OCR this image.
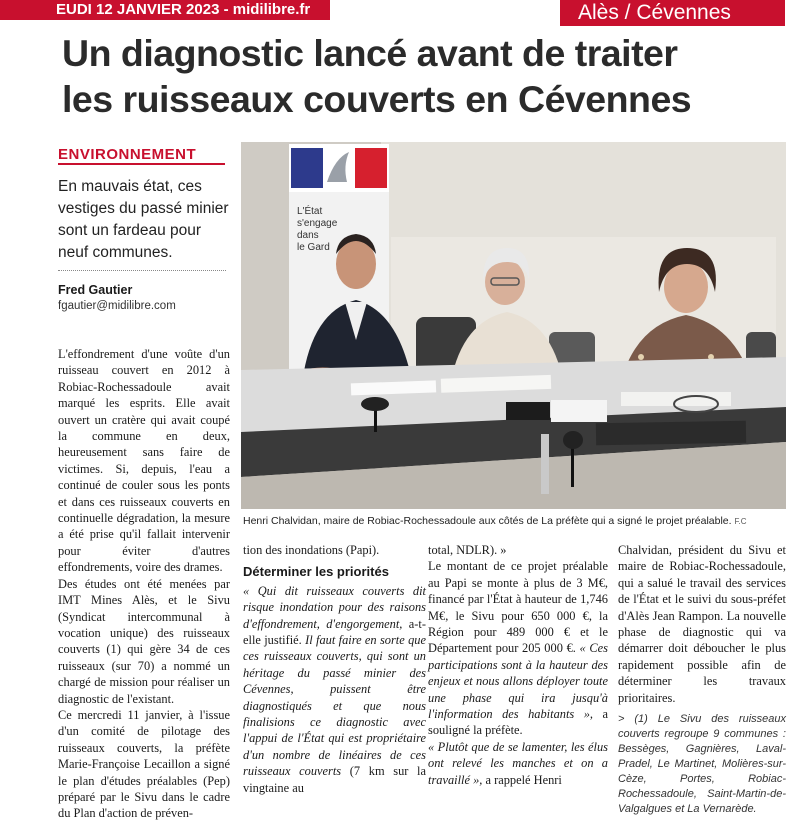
EUDI 12 JANVIER 2023 - midilibre.fr	Alès / Cévennes
Un diagnostic lancé avant de traiter
les ruisseaux couverts en Cévennes
ENVIRONNEMENT
En mauvais état, ces vestiges du passé minier sont un fardeau pour neuf communes.
Fred Gautier
fgautier@midilibre.com

L'effondrement d'une voûte d'un ruisseau couvert en 2012 à Robiac-Rochessadoule avait marqué les esprits. Elle avait ouvert un cratère qui avait coupé la commune en deux, heureusement sans faire de victimes. Si, depuis, l'eau a continué de couler sous les ponts et dans ces ruisseaux couverts en continuelle dégradation, la mesure a été prise qu'il fallait intervenir pour éviter d'autres effondrements, voire des drames.

Des études ont été menées par IMT Mines Alès, et le Sivu (Syndicat intercommunal à vocation unique) des ruisseaux couverts (1) qui gère 34 de ces ruisseaux (sur 70) a nommé un chargé de mission pour réaliser un diagnostic de l'existant.

Ce mercredi 11 janvier, à l'issue d'un comité de pilotage des ruisseaux couverts, la préfète Marie-Françoise Lecaillon a signé le plan d'études préalables (Pep) préparé par le Sivu dans le cadre du Plan d'action de préven-

L'État
s'engage
dans
le Gard
Henri Chalvidan, maire de Robiac-Rochessadoule aux côtés de La préfète qui a signé le projet préalable. F.C

tion des inondations (Papi).

Déterminer les priorités

« Qui dit ruisseaux couverts dit risque inondation pour des raisons d'effondrement, d'engorgement, a-t-elle justifié. Il faut faire en sorte que ces ruisseaux couverts, qui sont un héritage du passé minier des Cévennes, puissent être diagnostiqués et que nous finalisions ce diagnostic avec l'appui de l'État qui est propriétaire d'un nombre de linéaires de ces ruisseaux couverts (7 km sur la vingtaine au

total, NDLR). »

Le montant de ce projet préalable au Papi se monte à plus de 3 M€, financé par l'État à hauteur de 1,746 M€, le Sivu pour 650 000 €, la Région pour 489 000 € et le Département pour 205 000 €. « Ces participations sont à la hauteur des enjeux et nous allons déployer toute une phase qui ira jusqu'à l'information des habitants », a souligné la préfète.

« Plutôt que de se lamenter, les élus ont relevé les manches et on a travaillé », a rappelé Henri

Chalvidan, président du Sivu et maire de Robiac-Rochessadoule, qui a salué le travail des services de l'État et le suivi du sous-préfet d'Alès Jean Rampon. La nouvelle phase de diagnostic qui va démarrer doit déboucher le plus rapidement possible afin de déterminer les travaux prioritaires.

> (1) Le Sivu des ruisseaux couverts regroupe 9 communes : Bessèges, Gagnières, Laval-Pradel, Le Martinet, Molières-sur-Cèze, Portes, Robiac-Rochessadoule, Saint-Martin-de-Valgalgues et La Vernarède.
